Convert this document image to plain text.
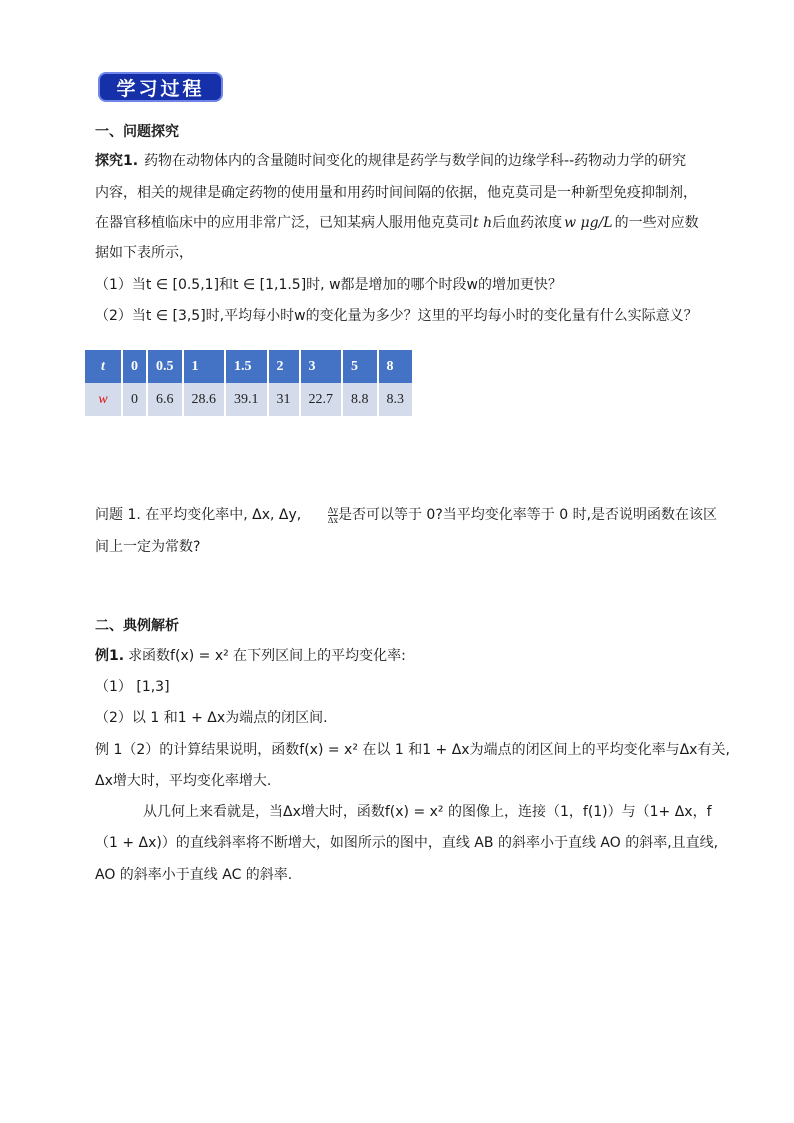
学习过程
一、问题探究
探究1. 药物在动物体内的含量随时间变化的规律是药学与数学间的边缘学科--药物动力学的研究
内容，相关的规律是确定药物的使用量和用药时间间隔的依据，他克莫司是一种新型免疫抑制剂，
在器官移植临床中的应用非常广泛，已知某病人服用他克莫司t h后血药浓度 w μg/L 的一些对应数
据如下表所示，
（1）当t ∈ [0.5,1]和t ∈ [1,1.5]时, w都是增加的哪个时段w的增加更快？
（2）当t ∈ [3,5]时,平均每小时w的变化量为多少？这里的平均每小时的变化量有什么实际意义？
t	0	0.5	1	1.5	2	3	5	8
w	0	6.6	28.6	39.1	31	22.7	8.8	8.3
问题 1. 在平均变化率中, Δx, Δy,	$\frac{\Delta y}{\Delta x}$ 是否可以等于 0?当平均变化率等于 0 时,是否说明函数在该区
间上一定为常数?
二、典例解析
例1. 求函数f(x) = x² 在下列区间上的平均变化率:
（1） [1,3]
（2）以 1 和1 + Δx为端点的闭区间.
例 1（2）的计算结果说明，函数f(x) = x² 在以 1 和1 + Δx为端点的闭区间上的平均变化率与Δx有关,
Δx增大时，平均变化率增大.
从几何上来看就是，当Δx增大时，函数f(x) = x² 的图像上，连接（1，f(1)）与（1+ Δx，f
（1 + Δx)）的直线斜率将不断增大，如图所示的图中，直线 AB 的斜率小于直线 AO 的斜率,且直线,
AO 的斜率小于直线 AC 的斜率.
